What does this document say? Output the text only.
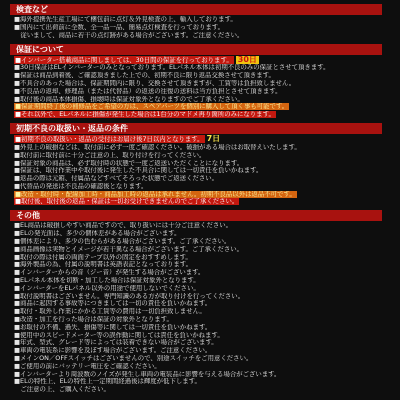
検査など
■海外提携先生産工場にて梱包前に点灯＆外見検査の上、輸入しております。
■国内にて出荷前に全数、全一品一品、簡易点灯検査を行っております。
　従いまして、商品に若干の点灯跡がある場合がございます。ご注意ください。
保証について
■インバーター搭載商品に関しましては、30日間の保証を行っております。 30日
■30日保証はELインバーターのみとなっております。ELパネル本体は初期不良のみの保証とさせて頂きます。
■保証は商品到着後、ご確認頂きました上での、初期不良に限り返品交換させて頂きます。
■不具合のあった場合は、保証期間内に限り、交換させて頂きますが、工賃等は負担致しません。
■不良品の返却、修理品（または代替品）の返送の往復の送料は当方負担とさせて頂きます。
■取付後の商品本体損傷、損壊時は保証対象外となりますのでご了承ください。
■保証期間終了後の補修品をご希望の方は、スペアパーツを個別に購入して頂く事も可能です。
■それ以外で、ELパネルに損傷が発生した場合は1台分のマドメ再り箇所のみになります。
初期不良の取扱い・返品の条件
■初期不良の取扱い・返品の受付はお届け後7日以内となります。 7日
■外見上の破損などは、取付前に必ず一度ご確認ください。破損がある場合はお取替えいたします。
■取付前に取付前に十分ご注意の上、取り付けを行ってください。
■保証対象の商品は、必ず取付時の状態で一度ご返送いただくことになります。
■保証は、取付作業中や取付後に発生した不具合に関しては一切責任を負いかねます。
■返品の際は元箱、付属品などすべてそろった状態でご返送ください。
■代替品の発送は不良品の確認後となります。
■改造・取付時・配線加工時・商品加工時の返品は承れません。初期不良品以外は返品不可です。
■取付後、取付後の返品・保証は一切お受けできませんのでご了承ください。
その他
■EL商品は破損しやすい商品ですので、取り扱いには十分ご注意ください。
■ELの発光面は、多少の個体差がある場合がございます。
■個体差により、多少の色むらがある場合がございます。ご了承ください。
■商品画像は実物とイメージが若干異なる場合がございます。ご了承ください。
■取付の際は付属の両面テープ以外の固定をおすすめします。
■海外製品の為、付属の説明書は英語表記となっております。
■インバーターからの音（ジー音）が発生する場合がございます。
■ELパネル本体を切断・加工した場合は保証対象外となります。
■インバーターをELパネル以外の用途で使用しないでください。
■取付説明書はございません。専門知識のある方が取り付けを行ってください。
■商品に起因する事故等につきましては一切の責任を負いかねます。
■取付・取外し作業にかかる工賃等の費用は一切負担致しません。
■改造・加工を行った場合は保証の対象外となります。
■お取付の不備、過失、損傷等に関しては一切責任を負いかねます。
■使用中のスピードメーター等の誤作動に関しては責任を負いかねます。
■年式、型式、グレード等によっては装着できない場合がございます。
■車両の電装系に影響を及ぼす場合がございます。ご注意ください。
■メインON／OFFスイッチはございませんので、別途スイッチをご用意ください。
■ご使用の前にバッテリー電圧をご確認ください。
■インバーターより周波数のノイズが発生し車両の電装品に影響を与える場合がございます。
■ELの特性上、ELの特性上一定期間経過後は輝度が低下します。
　ご注意の上、ご購入ください。
